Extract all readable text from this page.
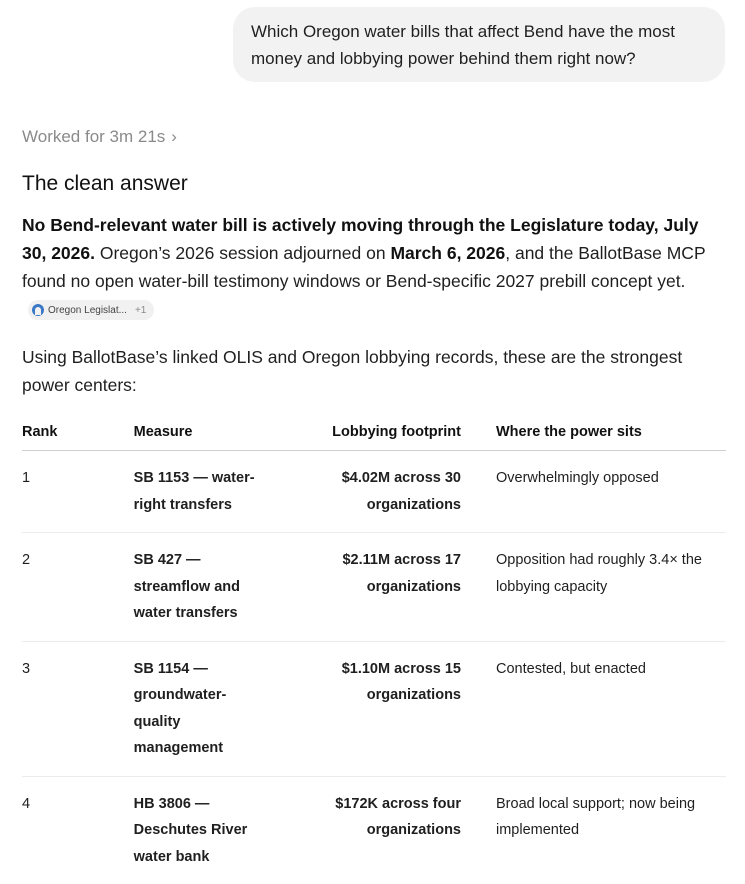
Which Oregon water bills that affect Bend have the most money and lobbying power behind them right now?
Worked for 3m 21s ›
The clean answer

No Bend-relevant water bill is actively moving through the Legislature today, July 30, 2026. Oregon’s 2026 session adjourned on March 6, 2026, and the BallotBase MCP found no open water-bill testimony windows or Bend-specific 2027 prebill concept yet.

Oregon Legislat... +1

Using BallotBase’s linked OLIS and Oregon lobbying records, these are the strongest power centers:

Rank	Measure	Lobbying footprint	Where the power sits
1	SB 1153 — water-right transfers	$4.02M across 30 organizations	Overwhelmingly opposed

2	SB 427 — streamflow and water transfers	$2.11M across 17 organizations	Opposition had roughly 3.4× the lobbying capacity

3	SB 1154 — groundwater-quality management	$1.10M across 15 organizations	Contested, but enacted

4	HB 3806 — Deschutes River water bank	$172K across four organizations	Broad local support; now being implemented
